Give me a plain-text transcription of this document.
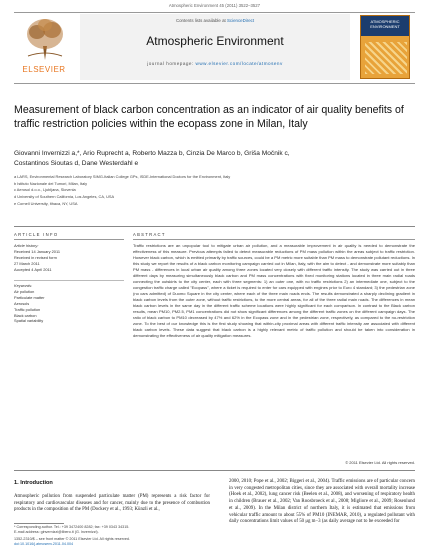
Atmospheric Environment 45 (2011) 3522–3527
ELSEVIER
Contents lists available at ScienceDirect
Atmospheric Environment
journal homepage: www.elsevier.com/locate/atmosenv
ATMOSPHERIC ENVIRONMENT
Measurement of black carbon concentration as an indicator of air quality benefits of traffic restriction policies within the ecopass zone in Milan, Italy
Giovanni Invernizzi a,*, Ario Ruprecht a, Roberto Mazza b, Cinzia De Marco b, Griša Močnik c,
Costantinos Sioutas d, Dane Westerdahl e
a LARS, Environmental Research Laboratory SIMG-Italian College GPs, ISDE-International Doctors for the Environment, Italy
b Istituto Nazionale dei Tumori, Milan, Italy
c Aerosol d.o.o., Ljubljana, Slovenia
d University of Southern California, Los Angeles, CA, USA
e Cornell University, Ithaca, NY, USA
ARTICLE INFO	ABSTRACT
Article history:
Received 14 January 2011
Received in revised form
27 March 2011
Accepted 4 April 2011
Keywords:
Air pollution
Particulate matter
Aerosols
Traffic pollution
Black carbon
Spatial variability
Traffic restrictions are an unpopular tool to mitigate urban air pollution, and a measurable improvement in air quality is needed to demonstrate the effectiveness of this measure. Previous attempts failed to detect measurable reductions of PM mass pollution within the areas subject to traffic restriction. However black carbon, which is emitted primarily by traffic sources, could be a PM metric more suitable than PM mass to demonstrate pollutant reductions. In this study we report the results of a black carbon monitoring campaign carried out in Milan, Italy, with the aim to detect - and demonstrate more suitably than PM mass - differences in local urban air quality among three zones located very closely with different traffic intensity. The study was carried out in three different days by measuring simultaneously black carbon and PM mass concentrations with fixed monitoring stations located in three main radial roads connecting the outskirts to the city center, each with three segments: 1) an outer one, with no traffic restrictions 2) an intermediate one, subject to the congestion traffic charge called "Ecopass", where a ticket is required to enter for cars equipped with engines prior to Euro 4 standard; 3) the pedestrian zone (no cars admitted) of Duomo Square in the city center, where each of the three main roads ends. The results demonstrated a sharply declining gradient in black carbon levels from the outer zone, without traffic restrictions, to the more central areas, for all of the three radial main roads. The differences in mean black carbon levels in the same day in the different traffic scheme locations were highly significant for each comparison. In contrast to the Black carbon results, mean PM10, PM2.5, PM1 concentrations did not show significant differences among the different traffic zones on the different campaign days. The ratio of black carbon to PM10 decreased by 47% and 62% in the Ecopass zone and in the pedestrian zone, respectively, as compared to the no-restriction zone. To the best of our knowledge this is the first study showing that within-city proximal areas with different traffic intensity are associated with different black carbon levels. These data suggest that black carbon is a highly relevant metric of traffic pollution and should be taken into consideration in demonstrating the effectiveness of air quality mitigation measures.
© 2011 Elsevier Ltd. All rights reserved.
1. Introduction
Atmospheric pollution from suspended particulate matter (PM) represents a risk factor for respiratory and cardiovascular diseases and for cancer, mainly due to the presence of combustion products in the composition of the PM (Dockery et al., 1993; Künzli et al.,
2000, 2010; Pope et al., 2002; Biggeri et al., 2004). Traffic emissions are of particular concern in very congested metropolitan cities, since they are associated with overall mortality increase (Hoek et al., 2002), lung cancer risk (Beelen et al., 2008), and worsening of respiratory health in children (Brauer et al., 2002; Van Roosbroeck et al., 2008; Migliore et al., 2009; Rosenlund et al., 2009). In the Milan district of northern Italy, it is estimated that emissions from vehicular traffic amount to about 55% of PM10 (INEMAR, 2010), a regulated pollutant with daily concentrations limit values of 50 μg m−3 (as daily average not to be exceeded for
* Corresponding author. Tel.: +39 3472400 8282; fax: +39 0343 34315.
E-mail address: ginvernizzi@libero.it (G. Invernizzi).
1352-2310/$ – see front matter © 2011 Elsevier Ltd. All rights reserved.
doi:10.1016/j.atmosenv.2011.04.004
